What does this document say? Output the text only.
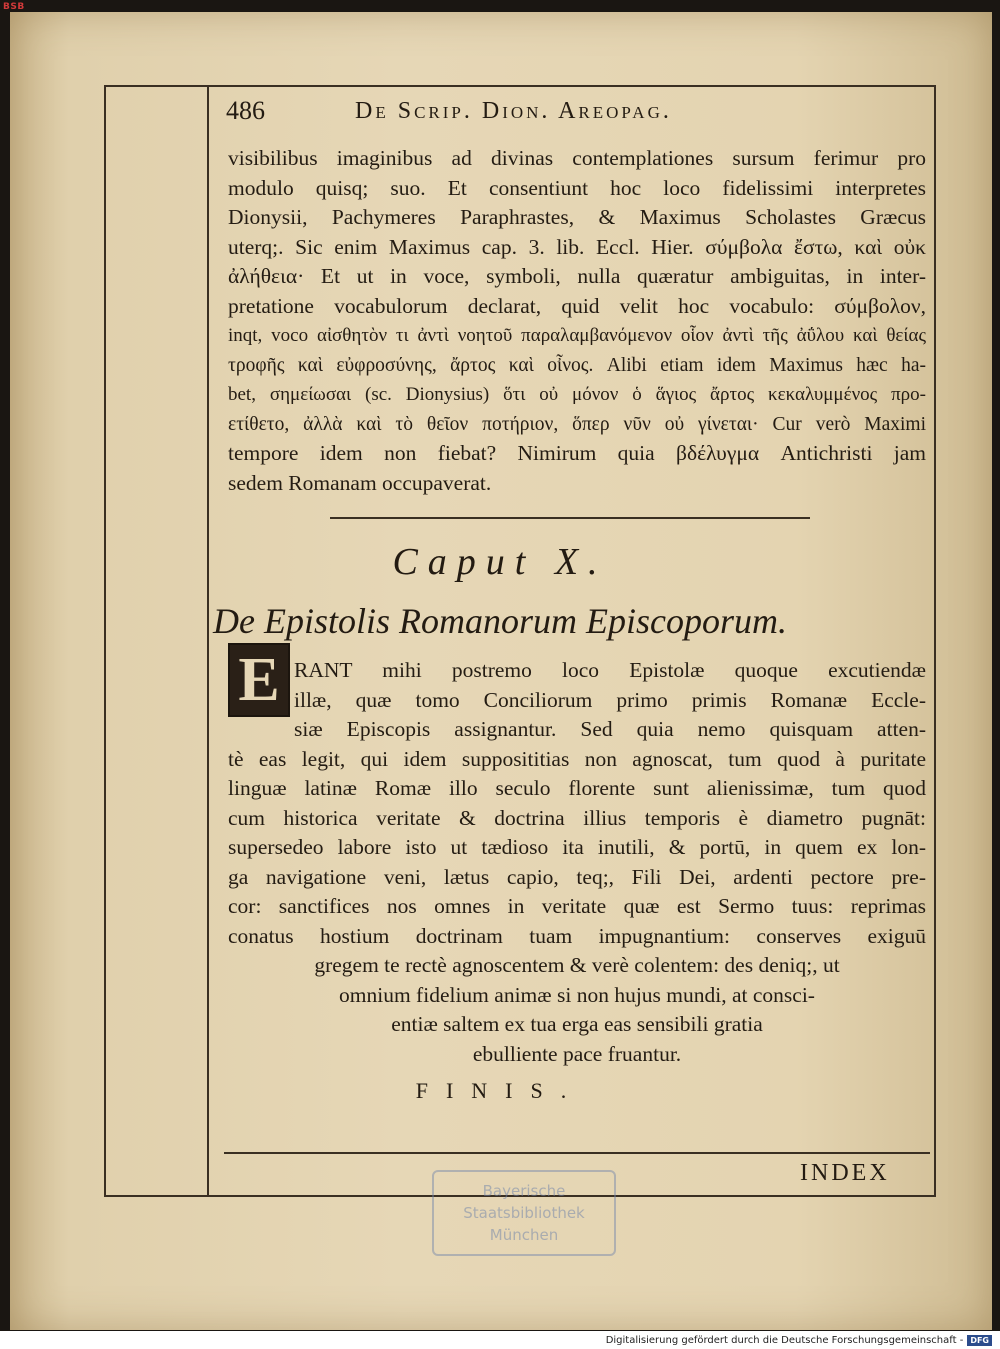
BSB
486	De Scrip. Dion. Areopag.
visibilibus imaginibus ad divinas contemplationes sursum ferimur pro
modulo quisq; suo. Et consentiunt hoc loco fidelissimi interpretes
Dionysii, Pachymeres Paraphrastes, & Maximus Scholastes Græcus
uterq;. Sic enim Maximus cap. 3. lib. Eccl. Hier. σύμβολα ἔστω, καὶ οὐκ
ἀλήθεια· Et ut in voce, symboli, nulla quæratur ambiguitas, in inter-
pretatione vocabulorum declarat, quid velit hoc vocabulo: σύμβολον,
inqt, voco αἰσθητὸν τι ἀντὶ νοητοῦ παραλαμβανόμενον οἷον ἀντὶ τῆς ἀΰλου καὶ θείας
τροφῆς καὶ εὐφροσύνης, ἄρτος καὶ οἶνος. Alibi etiam idem Maximus hæc ha-
bet, σημείωσαι (sc. Dionysius) ὅτι οὐ μόνον ὁ ἅγιος ἄρτος κεκαλυμμένος προ-
ετίθετο, ἀλλὰ καὶ τὸ θεῖον ποτήριον, ὅπερ νῦν οὐ γίνεται· Cur verò Maximi
tempore idem non fiebat? Nimirum quia βδέλυγμα Antichristi jam
sedem Romanam occupaverat.
Caput X.
De Epistolis Romanorum Episcoporum.
E RANT mihi postremo loco Epistolæ quoque excutiendæ
illæ, quæ tomo Conciliorum primo primis Romanæ Eccle-
siæ Episcopis assignantur. Sed quia nemo quisquam atten-
tè eas legit, qui idem supposititias non agnoscat, tum quod à puritate
linguæ latinæ Romæ illo seculo florente sunt alienissimæ, tum quod
cum historica veritate & doctrina illius temporis è diametro pugnāt:
supersedeo labore isto ut tædioso ita inutili, & portū, in quem ex lon-
ga navigatione veni, lætus capio, teq;, Fili Dei, ardenti pectore pre-
cor: sanctifices nos omnes in veritate quæ est Sermo tuus: reprimas
conatus hostium doctrinam tuam impugnantium: conserves exiguū
gregem te rectè agnoscentem & verè colentem: des deniq;, ut
omnium fidelium animæ si non hujus mundi, at consci-
entiæ saltem ex tua erga eas sensibili gratia
ebulliente pace fruantur.
FINIS.
INDEX
Bayerische
Staatsbibliothek
München
Digitalisierung gefördert durch die Deutsche Forschungsgemeinschaft - DFG
